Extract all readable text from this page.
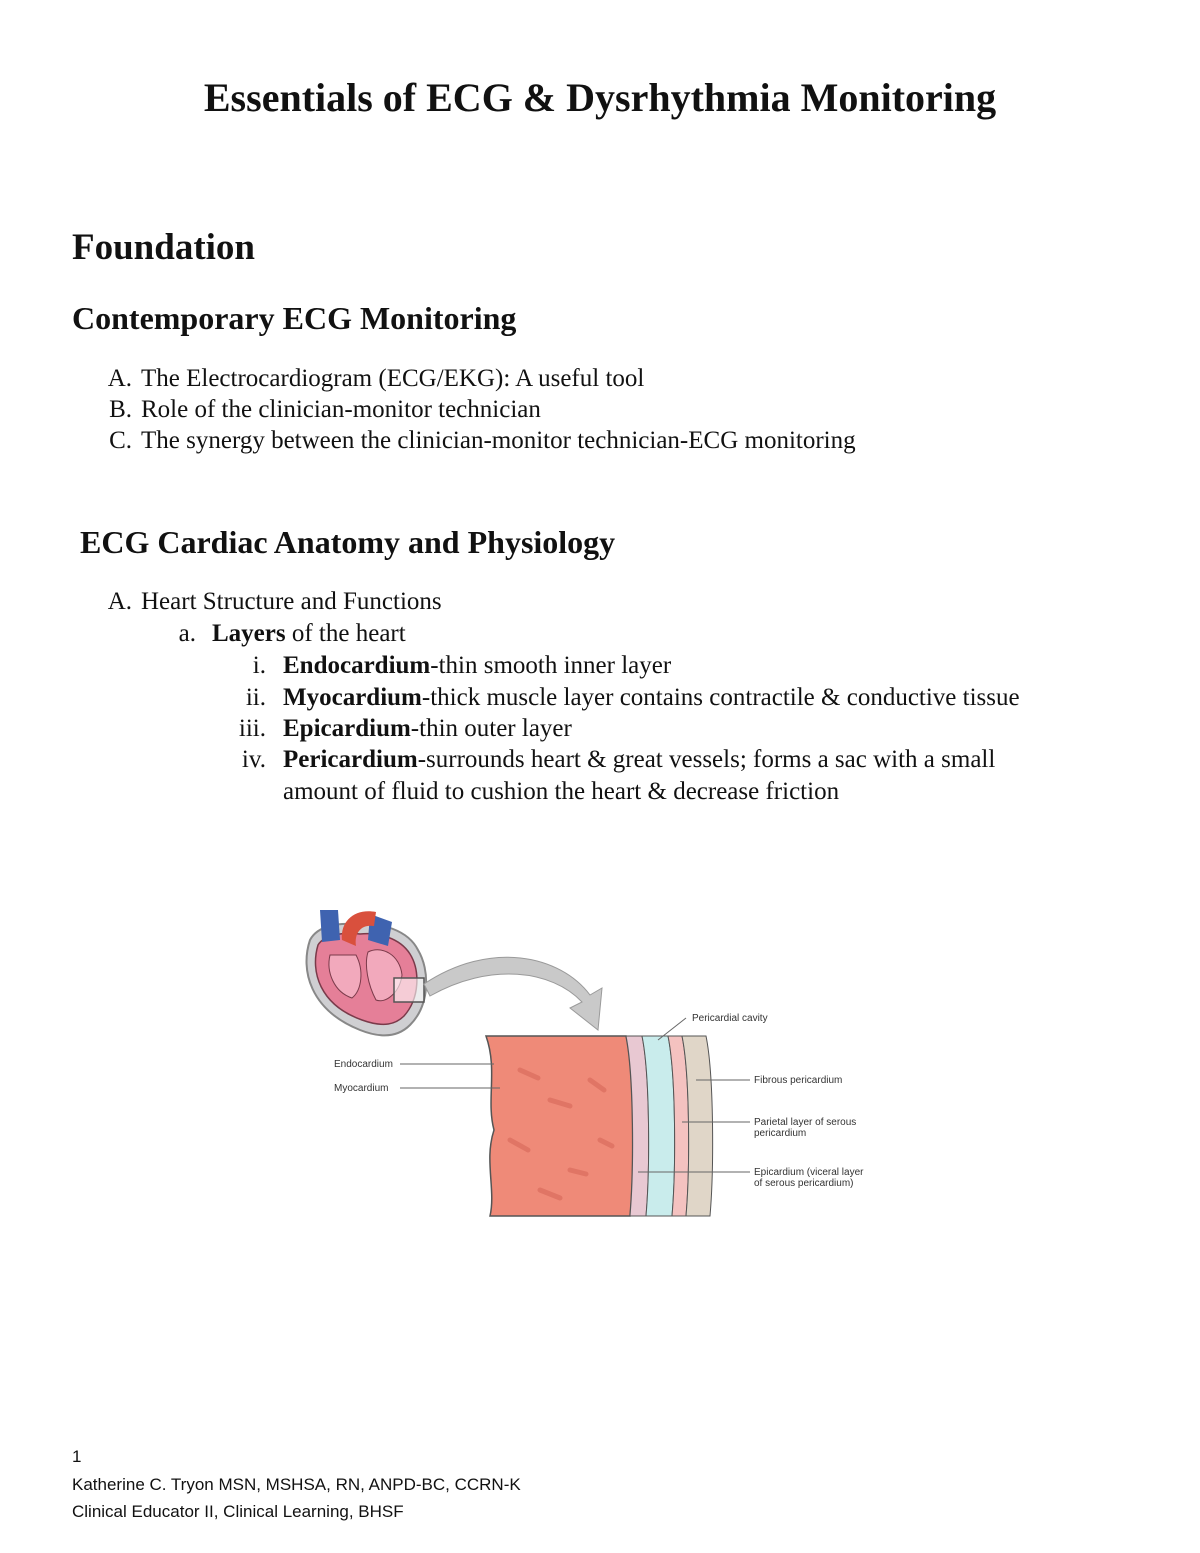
Essentials of ECG & Dysrhythmia Monitoring
Foundation
Contemporary ECG Monitoring
A. The Electrocardiogram (ECG/EKG): A useful tool
B. Role of the clinician-monitor technician
C. The synergy between the clinician-monitor technician-ECG monitoring
ECG Cardiac Anatomy and Physiology
A. Heart Structure and Functions
a. Layers of the heart
i. Endocardium-thin smooth inner layer
ii. Myocardium-thick muscle layer contains contractile & conductive tissue
iii. Epicardium-thin outer layer
iv. Pericardium-surrounds heart & great vessels; forms a sac with a small
amount of fluid to cushion the heart & decrease friction
Endocardium
Myocardium
Pericardial cavity
Fibrous pericardium
Parietal layer of serous
pericardium
Epicardium (viceral layer
of serous pericardium)
1
Katherine C. Tryon MSN, MSHSA, RN, ANPD-BC, CCRN-K
Clinical Educator II, Clinical Learning, BHSF
